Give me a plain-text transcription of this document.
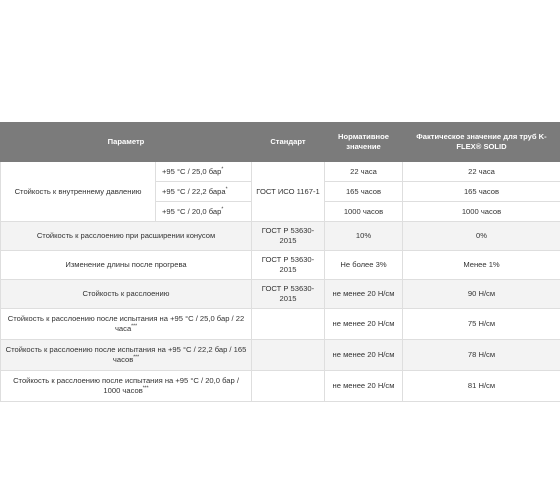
Параметр		Стандарт	Нормативное значение	Фактическое значение для труб K-FLEX® SOLID
Стойкость к внутреннему давлению	+95 °С / 25,0 бар*	ГОСТ ИСО 1167-1	22 часа	22 часа
	+95 °С / 22,2 бара*		165 часов	165 часов
	+95 °С / 20,0 бар*		1000 часов	1000 часов
Стойкость к расслоению при расширении конусом		ГОСТ Р 53630-2015	10%	0%
Изменение длины после прогрева		ГОСТ Р 53630-2015	Не более 3%	Менее 1%
Стойкость к расслоению		ГОСТ Р 53630-2015	не менее 20 Н/см	90 Н/см
Стойкость к расслоению после испытания на +95 °С / 25,0 бар / 22 часа***			не менее 20 Н/см	75 Н/см
Стойкость к расслоению после испытания на +95 °С / 22,2 бар / 165 часов***			не менее 20 Н/см	78 Н/см
Стойкость к расслоению после испытания на +95 °С / 20,0 бар / 1000 часов***			не менее 20 Н/см	81 Н/см
